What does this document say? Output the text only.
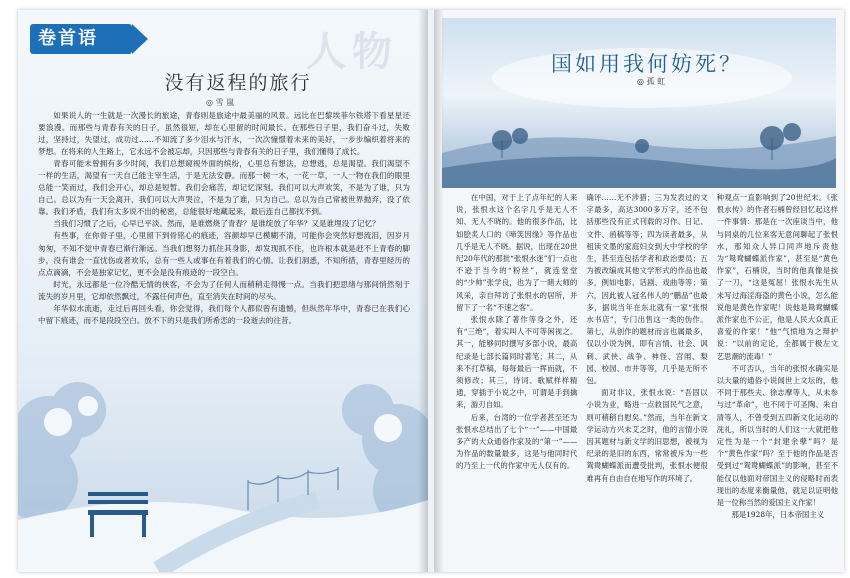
卷首语	人物
没有返程的旅行
◎ 雪 嵐

如果说人的一生就是一次漫长的旅途，青春则是旅途中最美丽的风景。远比在巴黎埃菲尔铁塔下看星星还要浪漫。而那些与青春有关的日子，虽然很短，却在心里留的时间最长。在那些日子里，我们奋斗过，失败过，坚持过，失望过，成功过……不知流了多少泪水与汗水，一次次憧憬着未来的美好，一步步编织着将来的梦想。在将来的人生路上，它永远不会被忘却，只因那些与青春有关的日子里，我们懂得了成长。

青春可能未曾拥有多少时间，我们总想窥视外面的缤纷，心里总有想法，总想逃，总是渴望。我们渴望不一样的生活，渴望有一天自己能主宰生活，于是无法安静。而那一树一木，一花一草，一人一物在我们的眼里总能一笑而过，我们会开心，却总是短暂。我们会痛苦，却记忆深刻。我们可以大声欢笑，不是为了谁，只为自己。总以为有一天会离开，我们可以大声哭泣，不是为了谁，只为自己。总以为自己常被世界抛弃，没了依靠。我们矛盾，我们有太多说不出的秘密，总能很好地藏起来，最后连自己都找不到。

当我们习惯了之后，心早已平淡。然而，是谁燃烧了青春？是谁绽放了年华？又是谁埋没了记忆？

有些事，在你骨子里，心里留下到骨铭心的痕迹，容颜却早已模糊不清，可能你会突然好想流泪，因岁月匆匆，不知不觉中青春已渐行渐远。当我们想努力抓住其身影，却发现抓不住，也许根本就是赶不上青春的脚步，没有谁会一直忧伤或者欢乐，总有一些人或事在有着我们的心情。让我们洞悉，不知所措，青春里经历的点点滴滴，不会是独家记忆，更不会是没有痕迹的一段空白。

时光，永远都是一位冷酷无情的侠客，不会为了任何人而稍稍走得慢一点。当我们把思绪与那间悄然刻于流失的岁月里，它却依然飘过，不露任何声色，直至消失在时间的尽头。

年华似水流逝，走过后再回头看，你会觉得，我们每个人都似曾有遗憾，但纵然年华中，青春已在我们心中留下痕迹，而不是段段空白。放不下的只是我们所希恋的一段逝去的往昔。

国如用我何妨死？
◎ 孤 虹

在中国，对于上了点年纪的人来说，张恨水这个名字几乎是无人不知、无人不晓的。他的很多作品，比如脍炙人口的《啼笑因缘》等作品也几乎是无人不晓。据说，出现在20世纪20年代的那批“张恨水迷”们一点也不逊于当今的“粉丝”，就连堂堂的“少帅”张学良，也为了一睹大师的风采，亲自拜访了张恨水的居所，并留下了一名“不速之客”。

张恨水除了著作等身之外，还有“三绝”，着实叫人不可等闲视之。其一，能够同时撰写多部小说，最高纪录是七部长篇同时著笔；其二，从来不打草稿，每每最后一挥而就，不须修改；其三，诗词、歌赋样样精通，穿插于小说之中，可谓是手到擒来，游刃自如。

后来，台湾的一位学者甚至还为张恨水总结出了七个“一”——中国最多产的大众通俗作家及的“第一”——为作品的数量最多，这是与他同时代的乃至上一代的作家中无人仅有的。

确评……无不涉猎；三为发表过的文字最多，高达3000多万字，还不包括那些没有正式刊载的习作、日记、文件、函稿等等；四为读者最多，从租读文墨的家庭妇女到大中学校的学生，甚至连包括学者和政治要员；五为被改编成其他文学形式的作品也最多，例如电影、话剧、戏曲等等；第六，因此被人冠名伟人的“鹏品”也最多，据说当年在东北就有一家“张恨水书店”，专门出售这一类的伪作。第七，从创作的题材而言也属最多，仅以小说为例，即有言情、社会、讽刺、武侠、战争、神怪、宫闱、梨园、校园、市井等等，几乎是无所不包。

面对非议，张恨水说：“吾固以小说为业，略进一点救国民气之意，则可稍稍自慰矣。”然而，当年在新文学运动方兴未艾之时，他的言情小说因其题材与新文学的旧思想，被视为纪录的是旧的东西，常常被斥为一些鸳鸯蝴蝶派而遭受批判，张恨水便很难再有自由自在地写作的环境了。

种观点一直影响到了20世纪末。《张恨水传》的作者石楠曾经回忆起这样一件事情：那是在一次座谈当中，他与同桌的几位来客无意间聊起了张恨水，那知众人异口同声地斥责他为“鸳鸯蝴蝶派作家”，甚至是“黄色作家”，石楠说，当时的他真像是挨了一刀，“这是冤屈！张恨水先生从未写过海淫海盗的黄色小说，怎么能说他是黄色作家呢！说他是鸳鸯蝴蝶派作家也不公正，他是人民大众真正喜爱的作家！”他“气愤地为之辩护说：“以前的定论，全都属于极左文艺思潮的流毒！”

不可否认，当年的张恨水确实是以大量的通俗小说闻世上文坛的，他不同于那些夫、徐志摩等人，从未参与过“革命”，也不同于可圣陶、朱自清等人，不曾受到五四新文化运动的洗礼，所以当时的人们这一大就把他定性为是一个“封建余孽”吗？是个“黄色作家”吗？至于他的作品是否受到过“鸳鸯蝴蝶派”的影响，甚至不能仅以他面对帝国主义的侵略时而表现出的态度来衡量他，就足以证明他是一位称当然的爱国主义作家！

那是1928年，日本帝国主义
